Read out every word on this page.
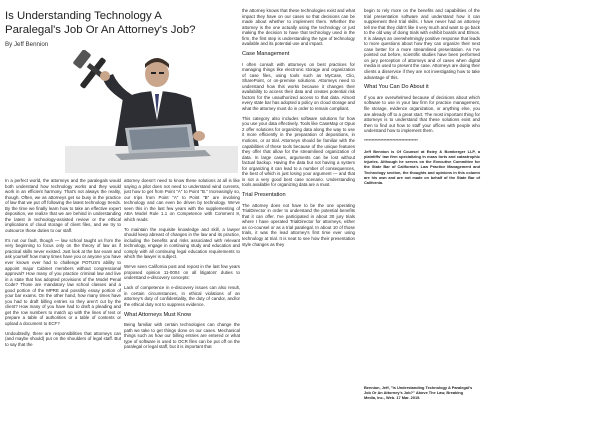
Is Understanding Technology A Paralegal's Job Or An Attorney's Job?
By Jeff Bennion

In a perfect world, the attorneys and the paralegals would both understand how technology works and they would work in an efficient harmony. That's not always the reality, though. Often, we as attorneys get so busy in the practice of law that we put off following the latest technology trends. By the time we finally learn how to take an effective expert deposition, we realize that we are behind in understanding the latest in technology-assisted review or the ethical implications of cloud storage of client files, and we try to outsource those duties to our staff.

It's not our fault, though — law school taught us from the very beginning to focus only on the theory of law as if practical skills never existed. Just look at the bar exam and ask yourself how many times have you or anyone you have ever known ever had to challenge POTUS's ability to appoint major Cabinet members without congressional approval? How many of you practice criminal law and live in a state that has adopted provisions of the Model Penal Code? Those are mandatory law school classes and a good portion of the MPRE and possibly essay portion of your bar exams. On the other hand, how many times have you had to draft billing entries so they aren't cut by the client? How many of you have had to draft a pleading and get the row numbers to match up with the lines of text or prepare a table of authorities or a table of contents or upload a document to ECF?

Undoubtedly, there are responsibilities that attorneys can (and maybe should) put on the shoulders of legal staff. But to say that the

attorney doesn't need to know these solutions at all is like saying a pilot does not need to understand wind currents, just how to get from Point "A" to Point "B." Increasingly so, our trips from Point "A" to Point "B" are involving technology and can even be driven by technology. We've seen this in the last few years with the supplementing of ABA Model Rule 1.1 on Competence with Comment 8, which reads:

To maintain the requisite knowledge and skill, a lawyer should keep abreast of changes in the law and its practice, including the benefits and risks associated with relevant technology, engage in continuing study and education and comply with all continuing legal education requirements to which the lawyer is subject.

We've seen California post and repost in the last few years proposed opinion 11-0004 on all litigators' duties to understand e-discovery concepts:

Lack of competence in e-discovery issues can also result, in certain circumstances, in ethical violations of an attorney's duty of confidentiality, the duty of candor, and/or the ethical duty not to suppress evidence.

What Attorneys Must Know

Being familiar with certain technologies can change the path we take to get things done on our cases. Mechanical things such as how our billing entries are entered or what type of software is used to OCR files can be put off on the paralegal or legal staff, but it is important that

the attorney knows that these technologies exist and what impact they have on our cases so that decisions can be made about whether to implement them. Whether the attorney is the one actually using the technology or just making the decision to have that technology used in the firm, the first step is understanding the type of technology available and its potential use and impact.

Case Management

I often consult with attorneys on best practices for managing things like electronic storage and organization of case files, using tools such as MyCase, Clio, SharePoint, or on-premise solutions. Attorneys need to understand how this works because it changes their availability to access their data and creates potential risk factors for the unauthorized access to that data. Almost every state bar has adopted a policy on cloud storage and what the attorney must do in order to remain compliant.

This category also includes software solutions for how you use your data effectively. Tools like CaseMap or Opus 2 offer solutions for organizing data along the way to use it more efficiently in the preparation of depositions, in motions, or at trial. Attorneys should be familiar with the capabilities of these tools because of the unique features they offer that allow for the streamlined organization of data. In large cases, arguments can be lost without factual backup. Having the data but not having a system for organizing it can lead to a number of consequences, the best of which is just losing your argument — and that is not a very good best case scenario. Understanding tools available for organizing data are a must.

Trial Presentation

The attorney does not have to be the one operating TrialDirector in order to understand the potential benefits that it can offer. I've participated in about 30 jury trials where I have operated TrialDirector for attorneys, either as co-counsel or as a trial paralegal. In about 10 of those trials, it was the lead attorney's first time ever using technology at trial. It is neat to see how their presentation style changes as they

begin to rely more on the benefits and capabilities of the trial presentation software and understand how it can supplement their trial skills. I have never had an attorney tell me that they didn't like it very much and want to go back to the old way of doing trials with exhibit boards and Elmos. It is always an overwhelmingly positive response that leads to more questions about how they can organize their next case better for a more streamlined presentation. As I've pointed out before, scientific studies have been performed on jury perception of attorneys and of cases when digital media is used to present the case. Attorneys are doing their clients a disservice if they are not investigating how to take advantage of this.

What You Can Do About it

If you are overwhelmed because of decisions about which software to use in your law firm for practice management, file storage, evidence organization, or anything else, you are already off to a great start. The most important thing for attorneys is to understand that these solutions exist and then to find out how to staff your offices with people who understand how to implement them.

************************************

Jeff Bennion is Of Counsel at Estey & Bomberger LLP, a plaintiffs' law firm specializing in mass torts and catastrophic injuries. Although he serves on the Executive Committee for the State Bar of California's Law Practice Management and Technology section, the thoughts and opinions in this column are his own and are not made on behalf of the State Bar of California.

Bennion, Jeff, "Is Understanding Technology A Paralegal's Job Or An Attorney's Job?" Above The Law, Breaking Media, Inc., Web. 17 Mar. 2015.
